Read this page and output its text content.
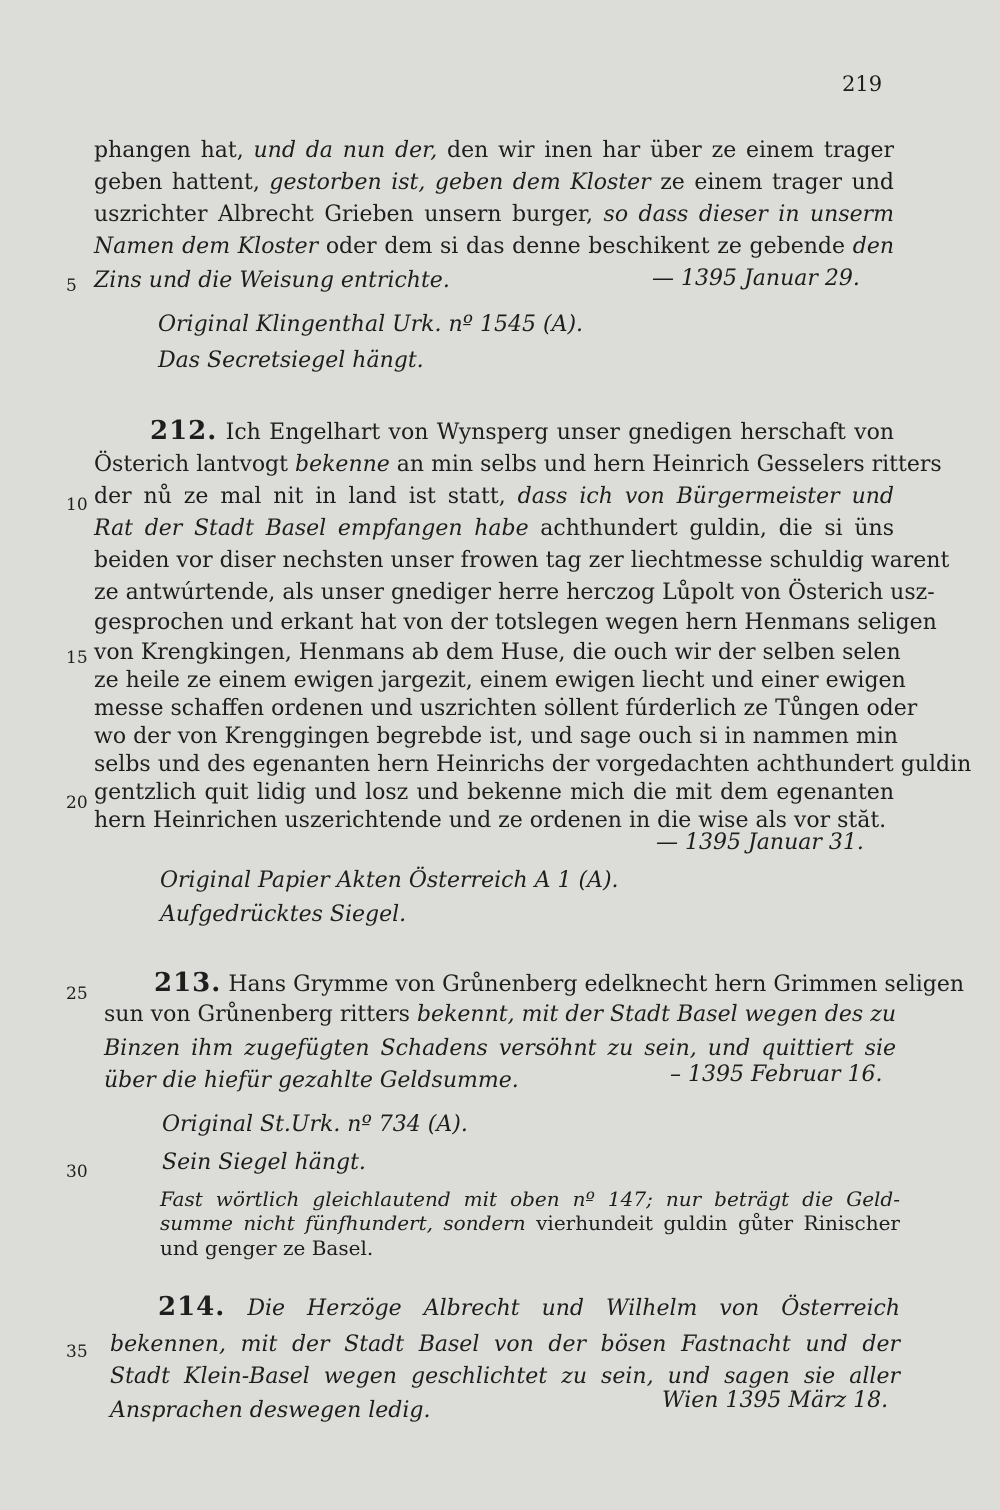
219
5
10
15
20
25
30
35
phangen hat, und da nun der, den wir inen har über ze einem trager
geben hattent, gestorben ist, geben dem Kloster ze einem trager und
uszrichter Albrecht Grieben unsern burger, so dass dieser in unserm
Namen dem Kloster oder dem si das denne beschikent ze gebende den
Zins und die Weisung entrichte.	— 1395 Januar 29.
Original Klingenthal Urk. nº 1545 (A).
Das Secretsiegel hängt.
212. Ich Engelhart von Wynsperg unser gnedigen herschaft von
Österich lantvogt bekenne an min selbs und hern Heinrich Gesselers ritters
der nů ze mal nit in land ist statt, dass ich von Bürgermeister und
Rat der Stadt Basel empfangen habe achthundert guldin, die si üns
beiden vor diser nechsten unser frowen tag zer liechtmesse schuldig warent
ze antwúrtende, als unser gnediger herre herczog Lůpolt von Österich usz-
gesprochen und erkant hat von der totslegen wegen hern Henmans seligen
von Krengkingen, Henmans ab dem Huse, die ouch wir der selben selen
ze heile ze einem ewigen jargezit, einem ewigen liecht und einer ewigen
messe schaffen ordenen und uszrichten sȯllent fúrderlich ze Tůngen oder
wo der von Krenggingen begrebde ist, und sage ouch si in nammen min
selbs und des egenanten hern Heinrichs der vorgedachten achthundert guldin
gentzlich quit lidig und losz und bekenne mich die mit dem egenanten
hern Heinrichen uszerichtende und ze ordenen in die wise als vor stăt.
— 1395 Januar 31.
Original Papier Akten Österreich A 1 (A).
Aufgedrücktes Siegel.
213. Hans Grymme von Grůnenberg edelknecht hern Grimmen seligen
sun von Grůnenberg ritters bekennt, mit der Stadt Basel wegen des zu
Binzen ihm zugefügten Schadens versöhnt zu sein, und quittiert sie
über die hiefür gezahlte Geldsumme.	– 1395 Februar 16.
Original St.Urk. nº 734 (A).
Sein Siegel hängt.
Fast wörtlich gleichlautend mit oben nº 147; nur beträgt die Geld-
summe nicht fünfhundert, sondern vierhundeit guldin gůter Rinischer
und genger ze Basel.
214. Die Herzöge Albrecht und Wilhelm von Österreich
bekennen, mit der Stadt Basel von der bösen Fastnacht und der
Stadt Klein-Basel wegen geschlichtet zu sein, und sagen sie aller
Ansprachen deswegen ledig.	Wien 1395 März 18.
